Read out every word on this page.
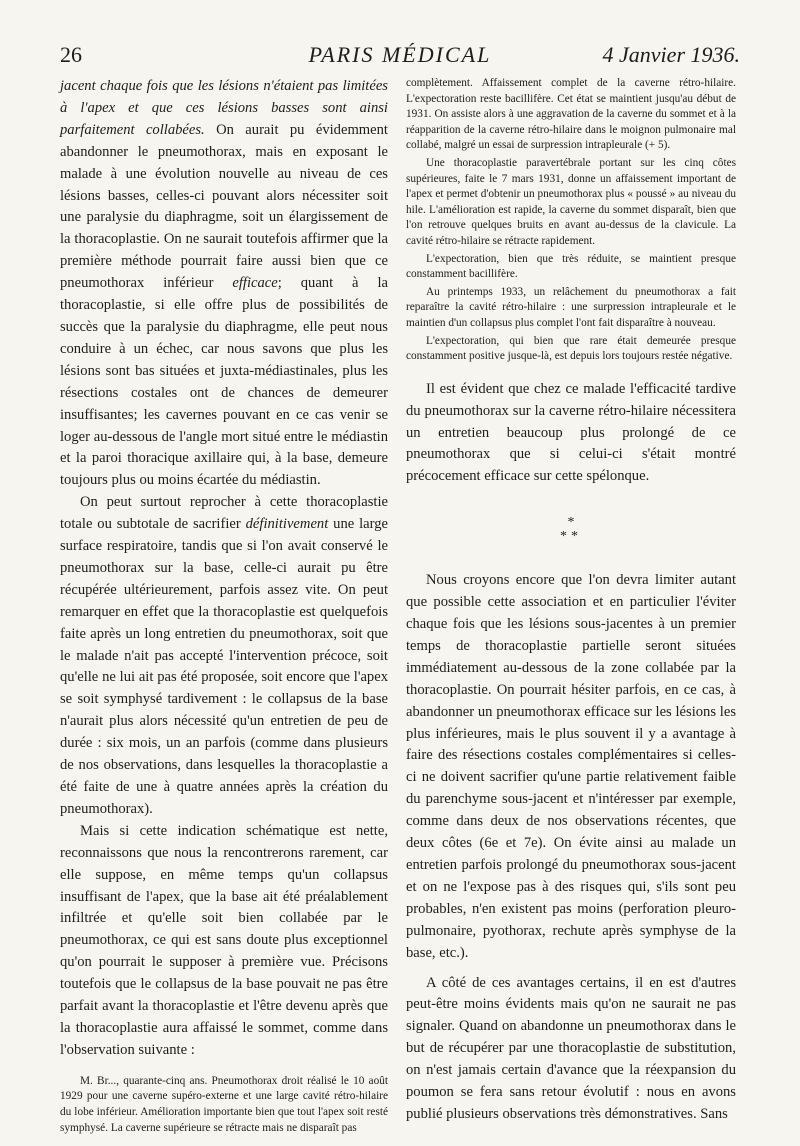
26	PARIS MÉDICAL	4 Janvier 1936.

jacent chaque fois que les lésions n'étaient pas limitées à l'apex et que ces lésions basses sont ainsi parfaitement collabées. On aurait pu évidemment abandonner le pneumothorax, mais en exposant le malade à une évolution nouvelle au niveau de ces lésions basses, celles-ci pouvant alors nécessiter soit une paralysie du diaphragme, soit un élargissement de la thoracoplastie. On ne saurait toutefois affirmer que la première méthode pourrait faire aussi bien que ce pneumothorax inférieur efficace; quant à la thoracoplastie, si elle offre plus de possibilités de succès que la paralysie du diaphragme, elle peut nous conduire à un échec, car nous savons que plus les lésions sont bas situées et juxta-médiastinales, plus les résections costales ont de chances de demeurer insuffisantes; les cavernes pouvant en ce cas venir se loger au-dessous de l'angle mort situé entre le médiastin et la paroi thoracique axillaire qui, à la base, demeure toujours plus ou moins écartée du médiastin.

On peut surtout reprocher à cette thoracoplastie totale ou subtotale de sacrifier définitivement une large surface respiratoire, tandis que si l'on avait conservé le pneumothorax sur la base, celle-ci aurait pu être récupérée ultérieurement, parfois assez vite. On peut remarquer en effet que la thoracoplastie est quelquefois faite après un long entretien du pneumothorax, soit que le malade n'ait pas accepté l'intervention précoce, soit qu'elle ne lui ait pas été proposée, soit encore que l'apex se soit symphysé tardivement : le collapsus de la base n'aurait plus alors nécessité qu'un entretien de peu de durée : six mois, un an parfois (comme dans plusieurs de nos observations, dans lesquelles la thoracoplastie a été faite de une à quatre années après la création du pneumothorax).

Mais si cette indication schématique est nette, reconnaissons que nous la rencontrerons rarement, car elle suppose, en même temps qu'un collapsus insuffisant de l'apex, que la base ait été préalablement infiltrée et qu'elle soit bien collabée par le pneumothorax, ce qui est sans doute plus exceptionnel qu'on pourrait le supposer à première vue. Précisons toutefois que le collapsus de la base pouvait ne pas être parfait avant la thoracoplastie et l'être devenu après que la thoracoplastie aura affaissé le sommet, comme dans l'observation suivante :

M. Br..., quarante-cinq ans. Pneumothorax droit réalisé le 10 août 1929 pour une caverne supéro-externe et une large cavité rétro-hilaire du lobe inférieur. Amélioration importante bien que tout l'apex soit resté symphysé. La caverne supérieure se rétracte mais ne disparaît pas

complètement. Affaissement complet de la caverne rétro-hilaire. L'expectoration reste bacillifère. Cet état se maintient jusqu'au début de 1931. On assiste alors à une aggravation de la caverne du sommet et à la réapparition de la caverne rétro-hilaire dans le moignon pulmonaire mal collabé, malgré un essai de surpression intrapleurale (+ 5).

Une thoracoplastie paravertébrale portant sur les cinq côtes supérieures, faite le 7 mars 1931, donne un affaissement important de l'apex et permet d'obtenir un pneumothorax plus « poussé » au niveau du hile. L'amélioration est rapide, la caverne du sommet disparaît, bien que l'on retrouve quelques bruits en avant au-dessus de la clavicule. La cavité rétro-hilaire se rétracte rapidement.

L'expectoration, bien que très réduite, se maintient presque constamment bacillifère.

Au printemps 1933, un relâchement du pneumothorax a fait reparaître la cavité rétro-hilaire : une surpression intrapleurale et le maintien d'un collapsus plus complet l'ont fait disparaître à nouveau.

L'expectoration, qui bien que rare était demeurée presque constamment positive jusque-là, est depuis lors toujours restée négative.

Il est évident que chez ce malade l'efficacité tardive du pneumothorax sur la caverne rétro-hilaire nécessitera un entretien beaucoup plus prolongé de ce pneumothorax que si celui-ci s'était montré précocement efficace sur cette spélonque.

*
**

Nous croyons encore que l'on devra limiter autant que possible cette association et en particulier l'éviter chaque fois que les lésions sous-jacentes à un premier temps de thoracoplastie partielle seront situées immédiatement au-dessous de la zone collabée par la thoracoplastie. On pourrait hésiter parfois, en ce cas, à abandonner un pneumothorax efficace sur les lésions les plus inférieures, mais le plus souvent il y a avantage à faire des résections costales complémentaires si celles-ci ne doivent sacrifier qu'une partie relativement faible du parenchyme sous-jacent et n'intéresser par exemple, comme dans deux de nos observations récentes, que deux côtes (6e et 7e). On évite ainsi au malade un entretien parfois prolongé du pneumothorax sous-jacent et on ne l'expose pas à des risques qui, s'ils sont peu probables, n'en existent pas moins (perforation pleuro-pulmonaire, pyothorax, rechute après symphyse de la base, etc.).

A côté de ces avantages certains, il en est d'autres peut-être moins évidents mais qu'on ne saurait ne pas signaler. Quand on abandonne un pneumothorax dans le but de récupérer par une thoracoplastie de substitution, on n'est jamais certain d'avance que la réexpansion du poumon se fera sans retour évolutif : nous en avons publié plusieurs observations très démonstratives. Sans
